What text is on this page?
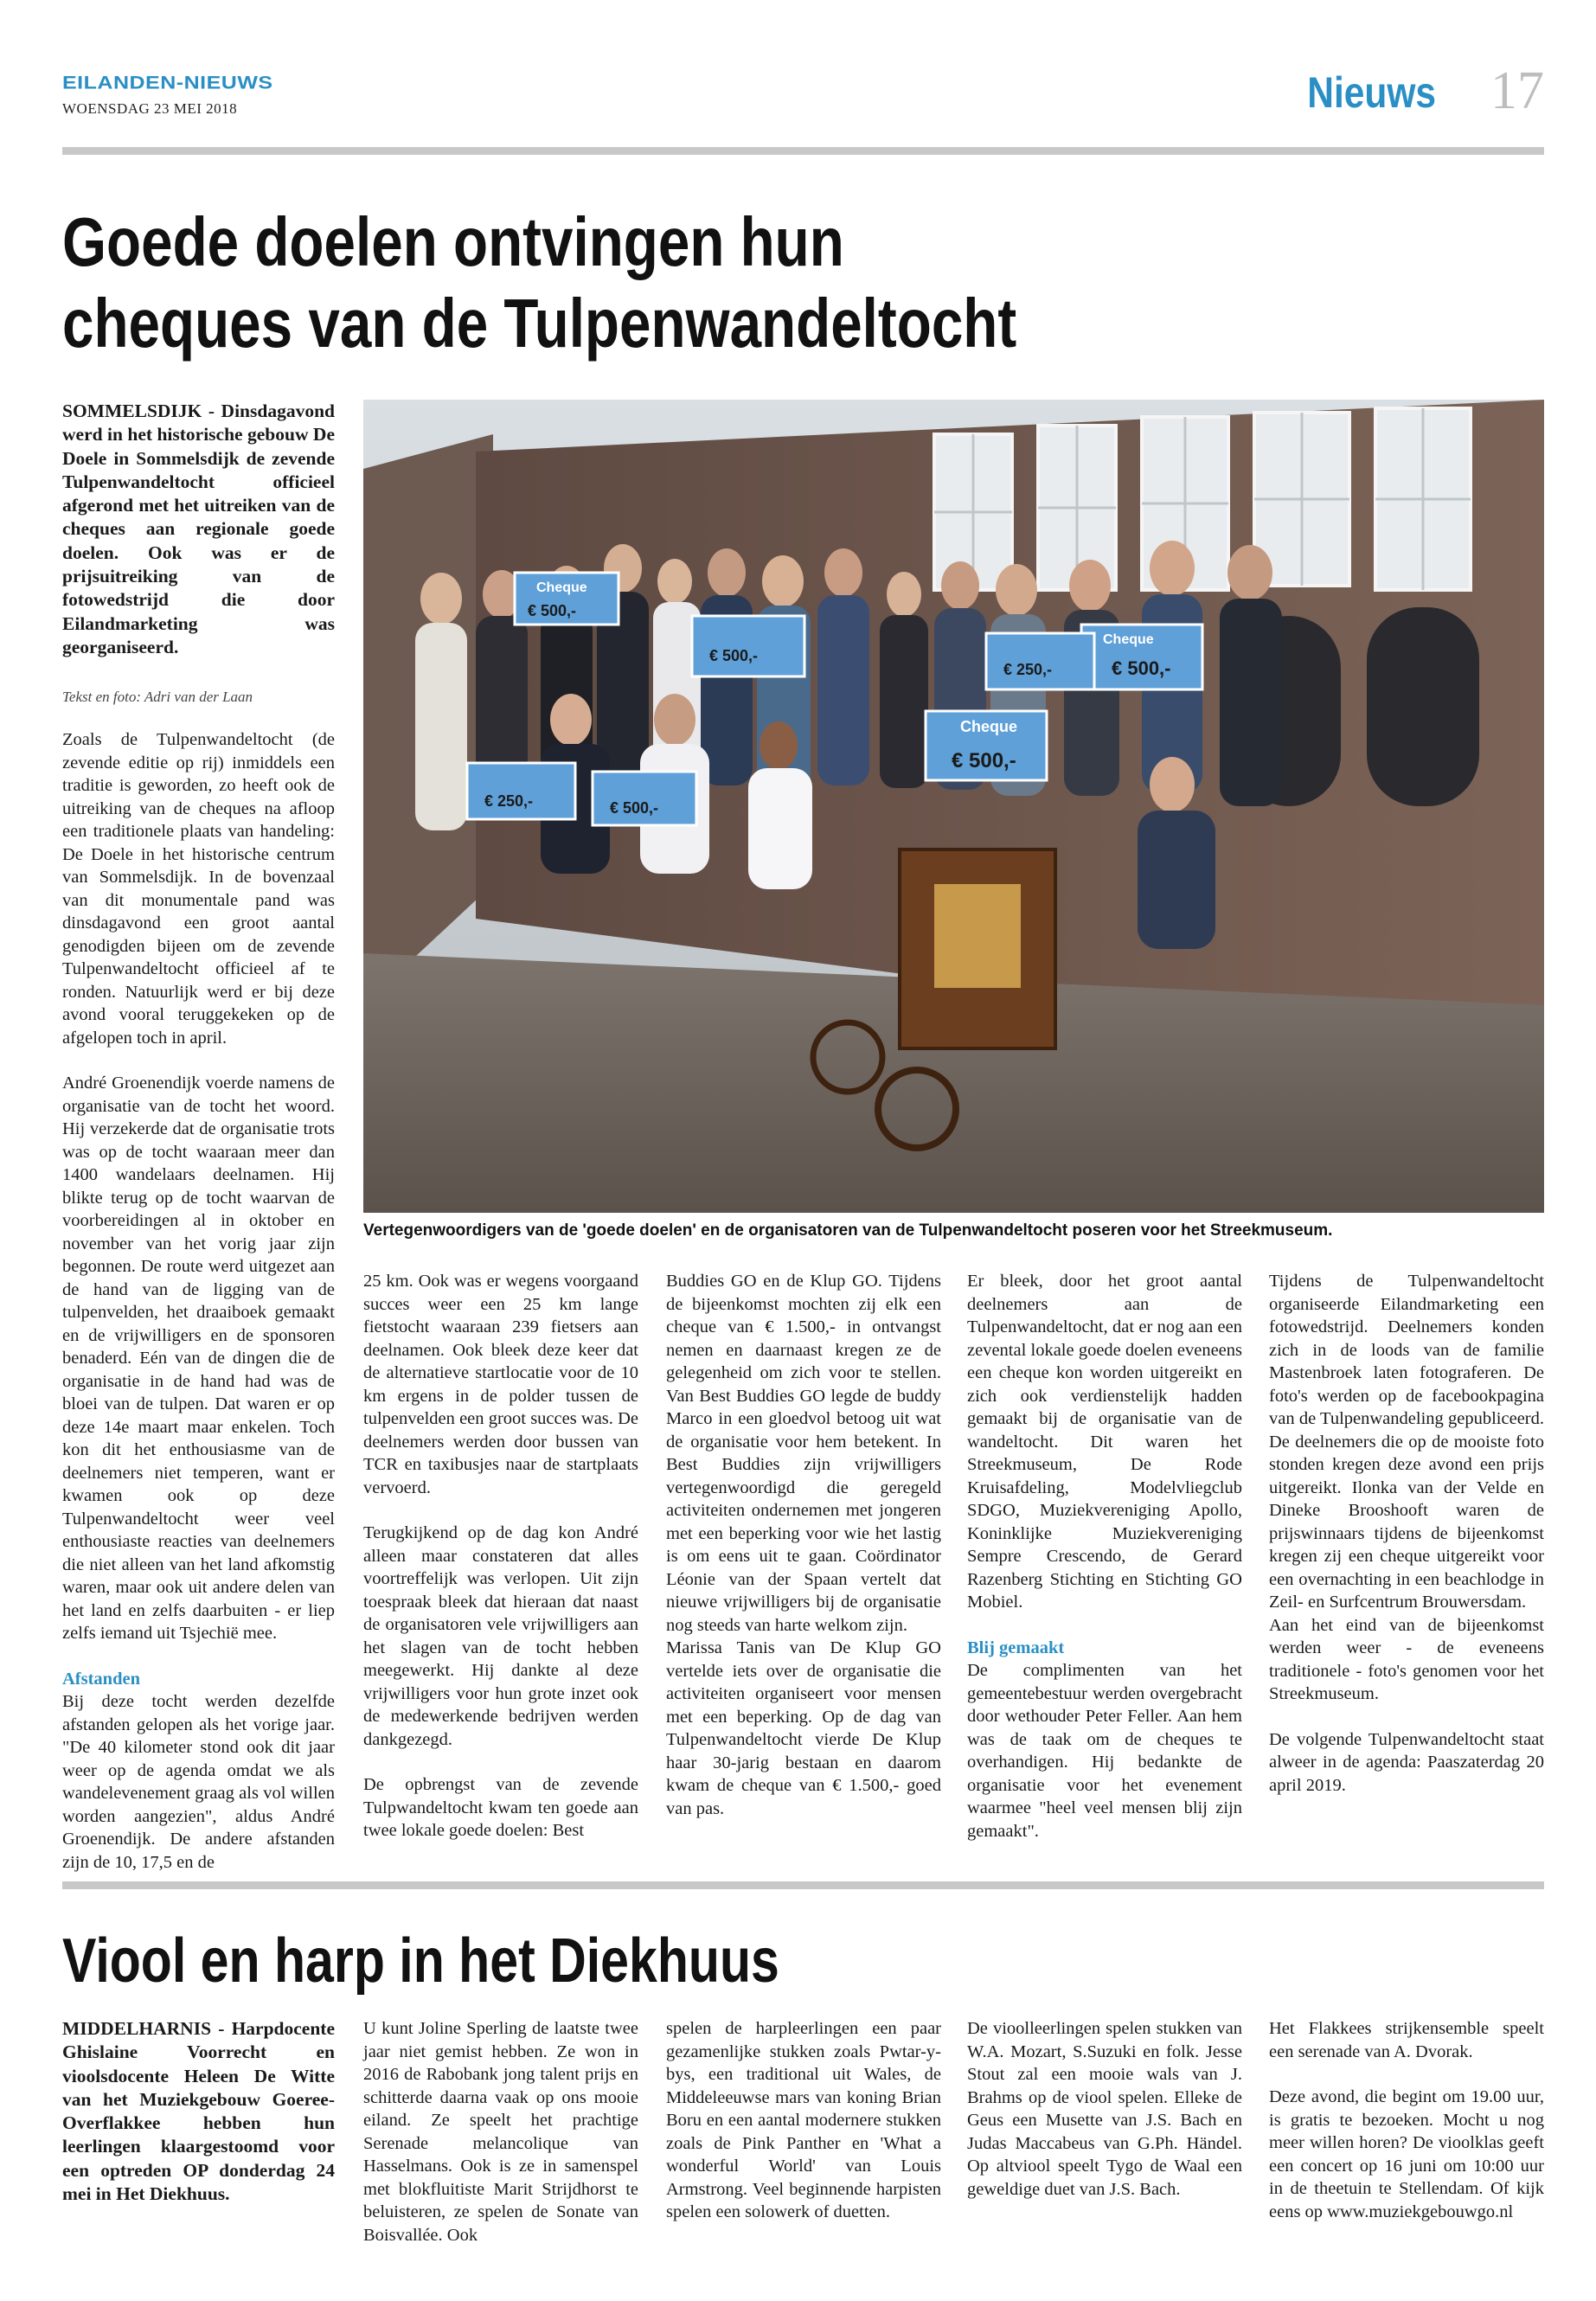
EILANDEN-NIEUWS
WOENSDAG 23 MEI 2018	Nieuws 17
Goede doelen ontvingen hun
cheques van de Tulpenwandeltocht
SOMMELSDIJK - Dinsdagavond werd in het historische gebouw De Doele in Sommelsdijk de zevende Tulpenwandeltocht officieel afgerond met het uitreiken van de cheques aan regionale goede doelen. Ook was er de prijsuitreiking van de fotowedstrijd die door Eilandmarketing was georganiseerd.
Tekst en foto: Adri van der Laan
Cheque
€ 500,-
€ 250,-	€ 500,-
Cheque
€ 500,-
€ 250,-
€ 500,-
Cheque
€ 500,-
Vertegenwoordigers van de 'goede doelen' en de organisatoren van de Tulpenwandeltocht poseren voor het Streekmuseum.

Zoals de Tulpenwandeltocht (de zevende editie op rij) inmiddels een traditie is geworden, zo heeft ook de uitreiking van de cheques na afloop een traditionele plaats van handeling: De Doele in het historische centrum van Sommelsdijk. In de bovenzaal van dit monumentale pand was dinsdagavond een groot aantal genodigden bijeen om de zevende Tulpenwandeltocht officieel af te ronden. Natuurlijk werd er bij deze avond vooral teruggekeken op de afgelopen toch in april.

André Groenendijk voerde namens de organisatie van de tocht het woord. Hij verzekerde dat de organisatie trots was op de tocht waaraan meer dan 1400 wandelaars deelnamen. Hij blikte terug op de tocht waarvan de voorbereidingen al in oktober en november van het vorig jaar zijn begonnen. De route werd uitgezet aan de hand van de ligging van de tulpenvelden, het draaiboek gemaakt en de vrijwilligers en de sponsoren benaderd. Eén van de dingen die de organisatie in de hand had was de bloei van de tulpen. Dat waren er op deze 14e maart maar enkelen. Toch kon dit het enthousiasme van de deelnemers niet temperen, want er kwamen ook op deze Tulpenwandeltocht weer veel enthousiaste reacties van deelnemers die niet alleen van het land afkomstig waren, maar ook uit andere delen van het land en zelfs daarbuiten - er liep zelfs iemand uit Tsjechië mee.

Afstanden
Bij deze tocht werden dezelfde afstanden gelopen als het vorige jaar. "De 40 kilometer stond ook dit jaar weer op de agenda omdat we als wandelevenement graag als vol willen worden aangezien", aldus André Groenendijk. De andere afstanden zijn de 10, 17,5 en de

25 km. Ook was er wegens voorgaand succes weer een 25 km lange fietstocht waaraan 239 fietsers aan deelnamen. Ook bleek deze keer dat de alternatieve startlocatie voor de 10 km ergens in de polder tussen de tulpenvelden een groot succes was. De deelnemers werden door bussen van TCR en taxibusjes naar de startplaats vervoerd.

Terugkijkend op de dag kon André alleen maar constateren dat alles voortreffelijk was verlopen. Uit zijn toespraak bleek dat hieraan dat naast de organisatoren vele vrijwilligers aan het slagen van de tocht hebben meegewerkt. Hij dankte al deze vrijwilligers voor hun grote inzet ook de medewerkende bedrijven werden dankgezegd.

De opbrengst van de zevende Tulpwandeltocht kwam ten goede aan twee lokale goede doelen: Best

Buddies GO en de Klup GO. Tijdens de bijeenkomst mochten zij elk een cheque van € 1.500,- in ontvangst nemen en daarnaast kregen ze de gelegenheid om zich voor te stellen. Van Best Buddies GO legde de buddy Marco in een gloedvol betoog uit wat de organisatie voor hem betekent. In Best Buddies zijn vrijwilligers vertegenwoordigd die geregeld activiteiten ondernemen met jongeren met een beperking voor wie het lastig is om eens uit te gaan. Coördinator Léonie van der Spaan vertelt dat nieuwe vrijwilligers bij de organisatie nog steeds van harte welkom zijn.

Marissa Tanis van De Klup GO vertelde iets over de organisatie die activiteiten organiseert voor mensen met een beperking. Op de dag van Tulpenwandeltocht vierde De Klup haar 30-jarig bestaan en daarom kwam de cheque van € 1.500,- goed van pas.

Er bleek, door het groot aantal deelnemers aan de Tulpenwandeltocht, dat er nog aan een zevental lokale goede doelen eveneens een cheque kon worden uitgereikt en zich ook verdienstelijk hadden gemaakt bij de organisatie van de wandeltocht. Dit waren het Streekmuseum, De Rode Kruisafdeling, Modelvliegclub SDGO, Muziekvereniging Apollo, Koninklijke Muziekvereniging Sempre Crescendo, de Gerard Razenberg Stichting en Stichting GO Mobiel.

Blij gemaakt
De complimenten van het gemeentebestuur werden overgebracht door wethouder Peter Feller. Aan hem was de taak om de cheques te overhandigen. Hij bedankte de organisatie voor het evenement waarmee "heel veel mensen blij zijn gemaakt".

Tijdens de Tulpenwandeltocht organiseerde Eilandmarketing een fotowedstrijd. Deelnemers konden zich in de loods van de familie Mastenbroek laten fotograferen. De foto's werden op de facebookpagina van de Tulpenwandeling gepubliceerd. De deelnemers die op de mooiste foto stonden kregen deze avond een prijs uitgereikt. Ilonka van der Velde en Dineke Brooshooft waren de prijswinnaars tijdens de bijeenkomst kregen zij een cheque uitgereikt voor een overnachting in een beachlodge in Zeil- en Surfcentrum Brouwersdam.

Aan het eind van de bijeenkomst werden weer - de eveneens traditionele - foto's genomen voor het Streekmuseum.

De volgende Tulpenwandeltocht staat alweer in de agenda: Paaszaterdag 20 april 2019.

Viool en harp in het Diekhuus
MIDDELHARNIS - Harpdocente Ghislaine Voorrecht en vioolsdocente Heleen De Witte van het Muziekgebouw Goeree-Overflakkee hebben hun leerlingen klaargestoomd voor een optreden OP donderdag 24 mei in Het Diekhuus.

U kunt Joline Sperling de laatste twee jaar niet gemist hebben. Ze won in 2016 de Rabobank jong talent prijs en schitterde daarna vaak op ons mooie eiland. Ze speelt het prachtige Serenade melancolique van Hasselmans. Ook is ze in samenspel met blokfluitiste Marit Strijdhorst te beluisteren, ze spelen de Sonate van Boisvallée. Ook

spelen de harpleerlingen een paar gezamenlijke stukken zoals Pwtar-y-bys, een traditional uit Wales, de Middeleeuwse mars van koning Brian Boru en een aantal modernere stukken zoals de Pink Panther en 'What a wonderful World' van Louis Armstrong. Veel beginnende harpisten spelen een solowerk of duetten.

De vioolleerlingen spelen stukken van W.A. Mozart, S.Suzuki en folk. Jesse Stout zal een mooie wals van J. Brahms op de viool spelen. Elleke de Geus een Musette van J.S. Bach en Judas Maccabeus van G.Ph. Händel. Op altviool speelt Tygo de Waal een geweldige duet van J.S. Bach.

Het Flakkees strijkensemble speelt een serenade van A. Dvorak.

Deze avond, die begint om 19.00 uur, is gratis te bezoeken. Mocht u nog meer willen horen? De vioolklas geeft een concert op 16 juni om 10:00 uur in de theetuin te Stellendam. Of kijk eens op www.muziekgebouwgo.nl
